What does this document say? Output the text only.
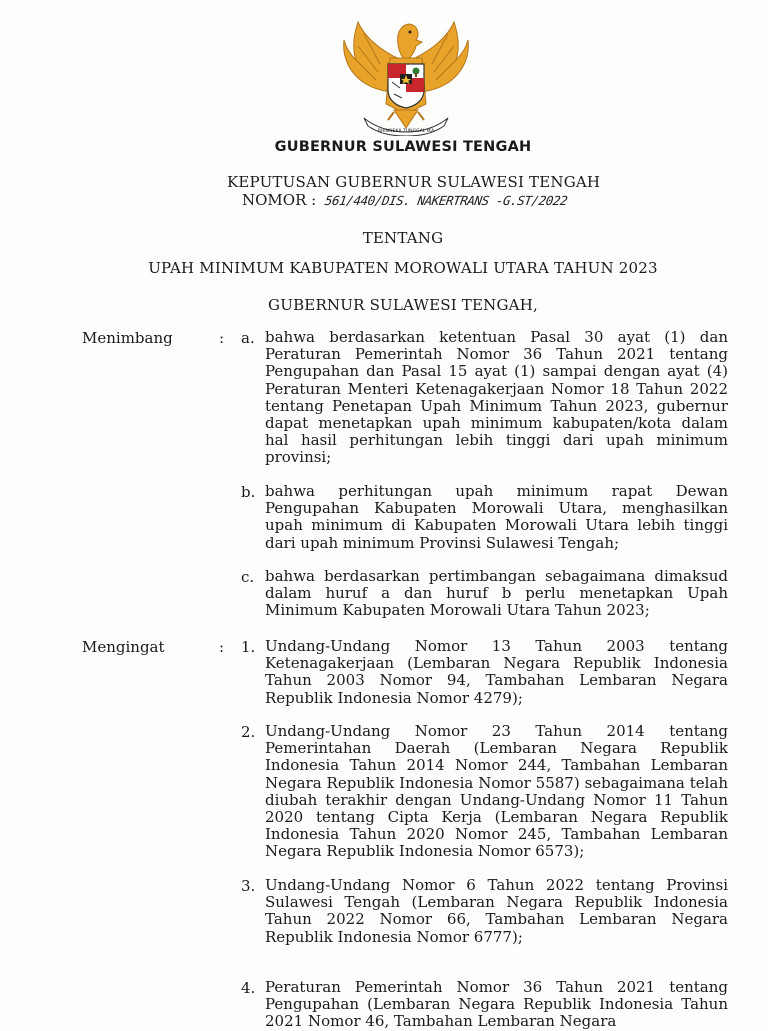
BHINNEKA TUNGGAL IKA
GUBERNUR SULAWESI TENGAH
KEPUTUSAN GUBERNUR SULAWESI TENGAH
NOMOR : 561/440/DIS. NAKERTRANS -G.ST/2022
TENTANG
UPAH MINIMUM KABUPATEN MOROWALI UTARA TAHUN 2023
GUBERNUR SULAWESI TENGAH,
Menimbang	: a. bahwa berdasarkan ketentuan Pasal 30 ayat (1) dan Peraturan Pemerintah Nomor 36 Tahun 2021 tentang Pengupahan dan Pasal 15 ayat (1) sampai dengan ayat (4) Peraturan Menteri Ketenagakerjaan Nomor 18 Tahun 2022 tentang Penetapan Upah Minimum Tahun 2023, gubernur dapat menetapkan upah minimum kabupaten/kota dalam hal hasil perhitungan lebih tinggi dari upah minimum provinsi;
b. bahwa perhitungan upah minimum rapat Dewan Pengupahan Kabupaten Morowali Utara, menghasilkan upah minimum di Kabupaten Morowali Utara lebih tinggi dari upah minimum Provinsi Sulawesi Tengah;
c. bahwa berdasarkan pertimbangan sebagaimana dimaksud dalam huruf a dan huruf b perlu menetapkan Upah Minimum Kabupaten Morowali Utara Tahun 2023;
Mengingat	: 1. Undang-Undang Nomor 13 Tahun 2003 tentang Ketenagakerjaan (Lembaran Negara Republik Indonesia Tahun 2003 Nomor 94, Tambahan Lembaran Negara Republik Indonesia Nomor 4279);
2. Undang-Undang Nomor 23 Tahun 2014 tentang Pemerintahan Daerah (Lembaran Negara Republik Indonesia Tahun 2014 Nomor 244, Tambahan Lembaran Negara Republik Indonesia Nomor 5587) sebagaimana telah diubah terakhir dengan Undang-Undang Nomor 11 Tahun 2020 tentang Cipta Kerja (Lembaran Negara Republik Indonesia Tahun 2020 Nomor 245, Tambahan Lembaran Negara Republik Indonesia Nomor 6573);
3. Undang-Undang Nomor 6 Tahun 2022 tentang Provinsi Sulawesi Tengah (Lembaran Negara Republik Indonesia Tahun 2022 Nomor 66, Tambahan Lembaran Negara Republik Indonesia Nomor 6777);
4. Peraturan Pemerintah Nomor 36 Tahun 2021 tentang Pengupahan (Lembaran Negara Republik Indonesia Tahun 2021 Nomor 46, Tambahan Lembaran Negara
